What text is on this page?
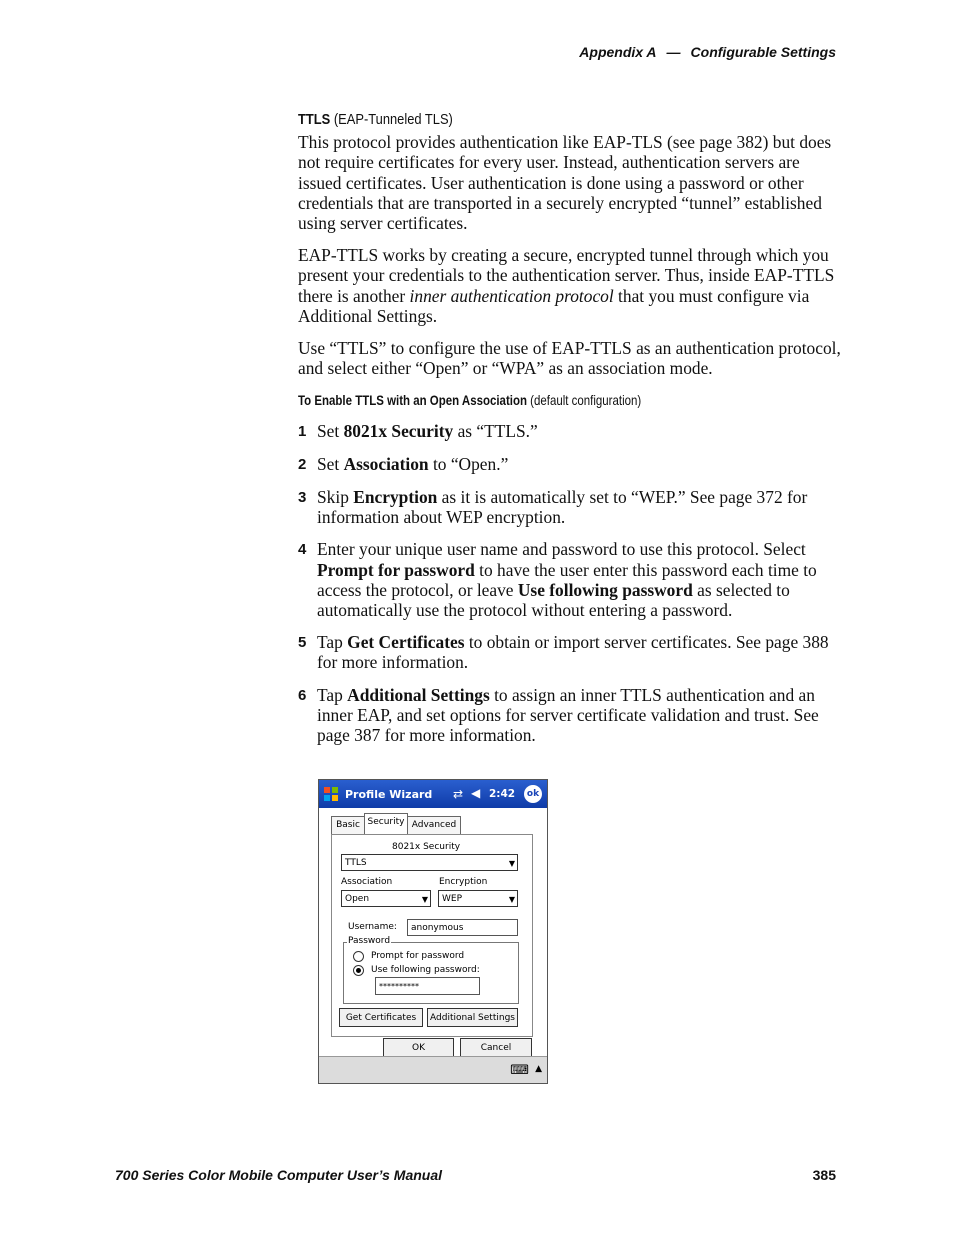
Appendix A — Configurable Settings
TTLS (EAP-Tunneled TLS)

This protocol provides authentication like EAP-TLS (see page 382) but does not require certificates for every user. Instead, authentication servers are issued certificates. User authentication is done using a password or other credentials that are transported in a securely encrypted “tunnel” established using server certificates.

EAP-TTLS works by creating a secure, encrypted tunnel through which you present your credentials to the authentication server. Thus, inside EAP-TTLS there is another inner authentication protocol that you must configure via Additional Settings.

Use “TTLS” to configure the use of EAP-TTLS as an authentication protocol, and select either “Open” or “WPA” as an association mode.

To Enable TTLS with an Open Association (default configuration)
1 Set 8021x Security as “TTLS.”
2 Set Association to “Open.”
3 Skip Encryption as it is automatically set to “WEP.” See page 372 for information about WEP encryption.
4 Enter your unique user name and password to use this protocol. Select Prompt for password to have the user enter this password each time to access the protocol, or leave Use following password as selected to automatically use the protocol without entering a password.
5 Tap Get Certificates to obtain or import server certificates. See page 388 for more information.
6 Tap Additional Settings to assign an inner TTLS authentication and an inner EAP, and set options for server certificate validation and trust. See page 387 for more information.
Profile Wizard ⇄ ◀ 2:42	ok
Basic Security Advanced
8021x Security
TTLS	▼
Association	Encryption
Open	▼	WEP	▼
Username:	anonymous
Password
Prompt for password
Use following password:
**********
Get Certificates	Additional Settings
OK	Cancel
⌨ ▲
700 Series Color Mobile Computer User’s Manual	385
